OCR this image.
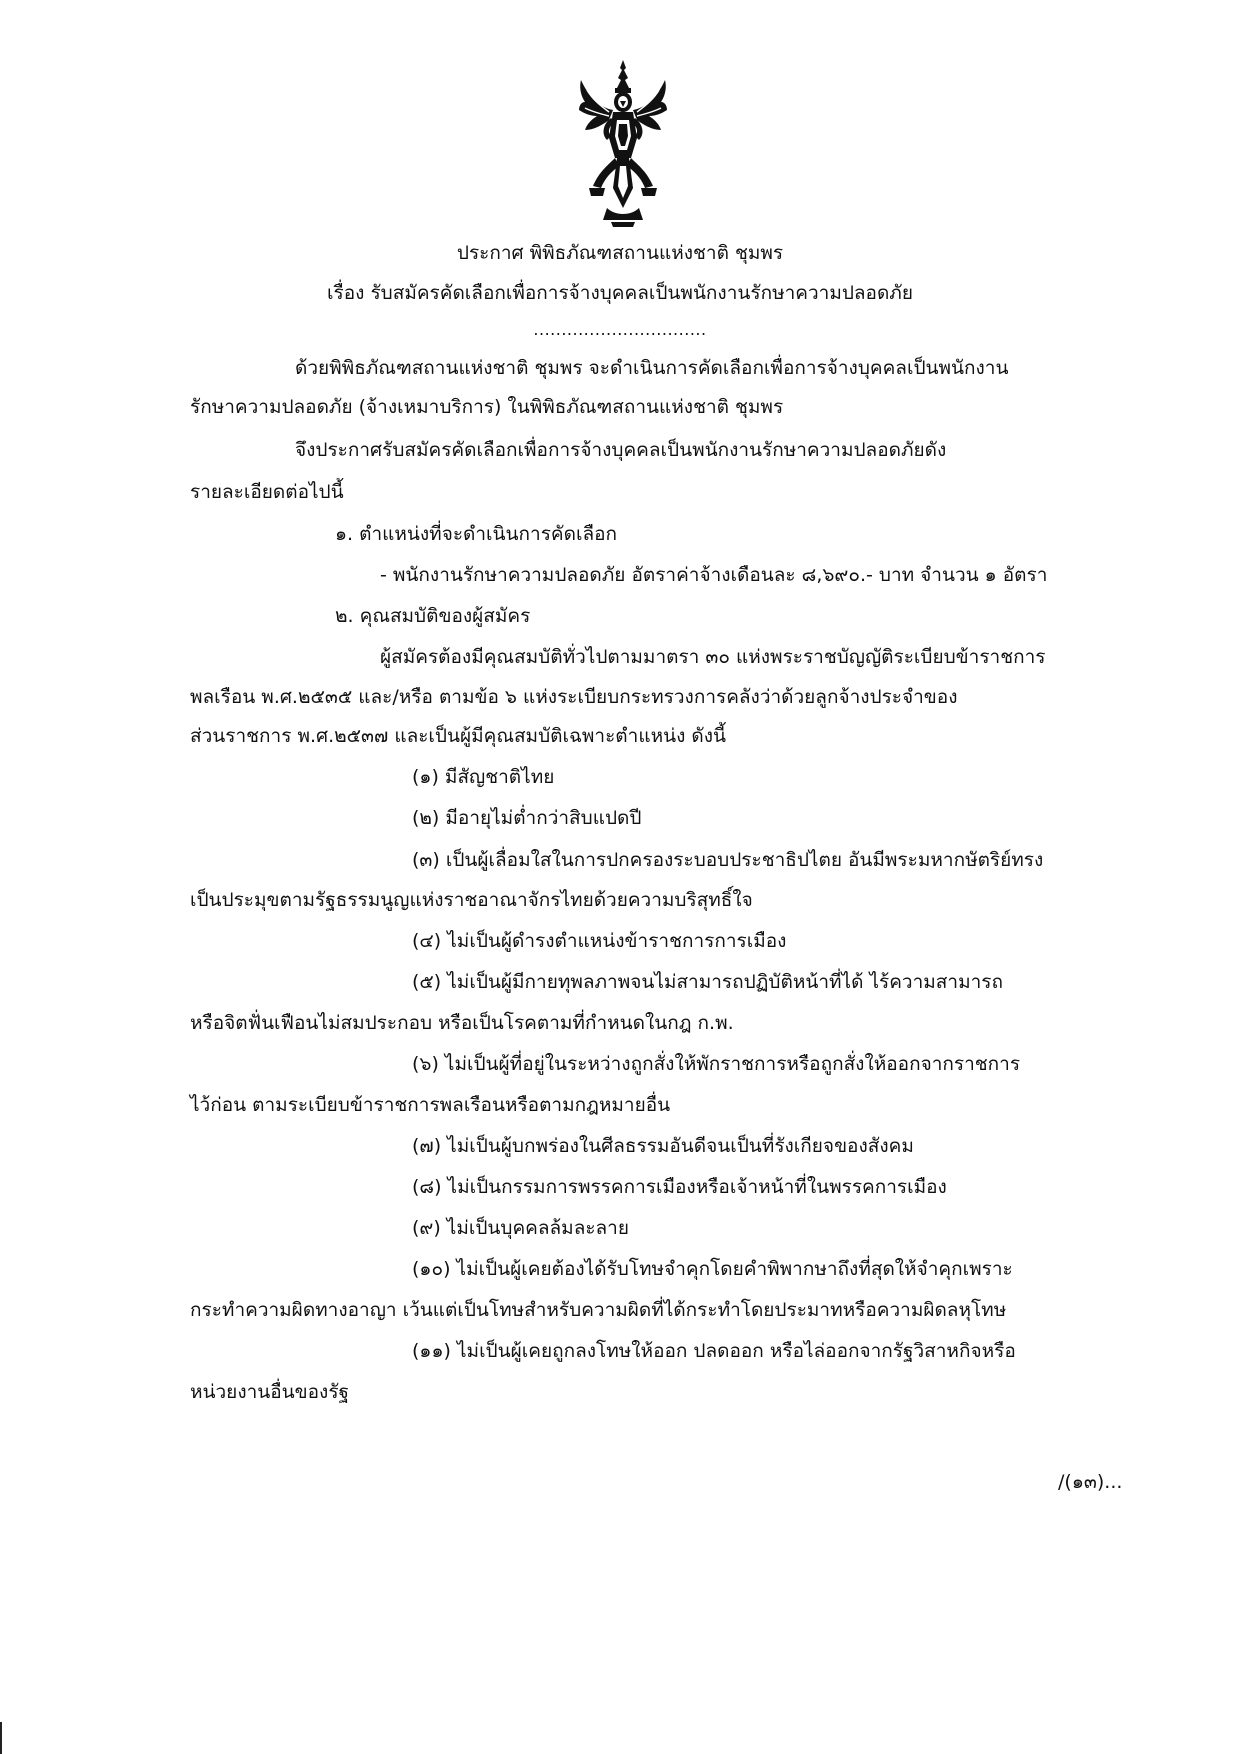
ประกาศ พิพิธภัณฑสถานแห่งชาติ ชุมพร
เรื่อง รับสมัครคัดเลือกเพื่อการจ้างบุคคลเป็นพนักงานรักษาความปลอดภัย
...............................
ด้วยพิพิธภัณฑสถานแห่งชาติ ชุมพร จะดำเนินการคัดเลือกเพื่อการจ้างบุคคลเป็นพนักงาน
รักษาความปลอดภัย (จ้างเหมาบริการ) ในพิพิธภัณฑสถานแห่งชาติ ชุมพร
จึงประกาศรับสมัครคัดเลือกเพื่อการจ้างบุคคลเป็นพนักงานรักษาความปลอดภัยดัง
รายละเอียดต่อไปนี้
๑. ตำแหน่งที่จะดำเนินการคัดเลือก
- พนักงานรักษาความปลอดภัย อัตราค่าจ้างเดือนละ ๘,๖๙๐.- บาท จำนวน ๑ อัตรา
๒. คุณสมบัติของผู้สมัคร
ผู้สมัครต้องมีคุณสมบัติทั่วไปตามมาตรา ๓๐ แห่งพระราชบัญญัติระเบียบข้าราชการ
พลเรือน พ.ศ.๒๕๓๕ และ/หรือ ตามข้อ ๖ แห่งระเบียบกระทรวงการคลังว่าด้วยลูกจ้างประจำของ
ส่วนราชการ พ.ศ.๒๕๓๗ และเป็นผู้มีคุณสมบัติเฉพาะตำแหน่ง ดังนี้
(๑) มีสัญชาติไทย
(๒) มีอายุไม่ต่ำกว่าสิบแปดปี
(๓) เป็นผู้เลื่อมใสในการปกครองระบอบประชาธิปไตย อันมีพระมหากษัตริย์ทรง
เป็นประมุขตามรัฐธรรมนูญแห่งราชอาณาจักรไทยด้วยความบริสุทธิ์ใจ
(๔) ไม่เป็นผู้ดำรงตำแหน่งข้าราชการการเมือง
(๕) ไม่เป็นผู้มีกายทุพลภาพจนไม่สามารถปฏิบัติหน้าที่ได้ ไร้ความสามารถ
หรือจิตฟั่นเฟือนไม่สมประกอบ หรือเป็นโรคตามที่กำหนดในกฎ ก.พ.
(๖) ไม่เป็นผู้ที่อยู่ในระหว่างถูกสั่งให้พักราชการหรือถูกสั่งให้ออกจากราชการ
ไว้ก่อน ตามระเบียบข้าราชการพลเรือนหรือตามกฎหมายอื่น
(๗) ไม่เป็นผู้บกพร่องในศีลธรรมอันดีจนเป็นที่รังเกียจของสังคม
(๘) ไม่เป็นกรรมการพรรคการเมืองหรือเจ้าหน้าที่ในพรรคการเมือง
(๙) ไม่เป็นบุคคลล้มละลาย
(๑๐) ไม่เป็นผู้เคยต้องได้รับโทษจำคุกโดยคำพิพากษาถึงที่สุดให้จำคุกเพราะ
กระทำความผิดทางอาญา เว้นแต่เป็นโทษสำหรับความผิดที่ได้กระทำโดยประมาทหรือความผิดลหุโทษ
(๑๑) ไม่เป็นผู้เคยถูกลงโทษให้ออก ปลดออก หรือไล่ออกจากรัฐวิสาหกิจหรือ
หน่วยงานอื่นของรัฐ
/(๑๓)...
